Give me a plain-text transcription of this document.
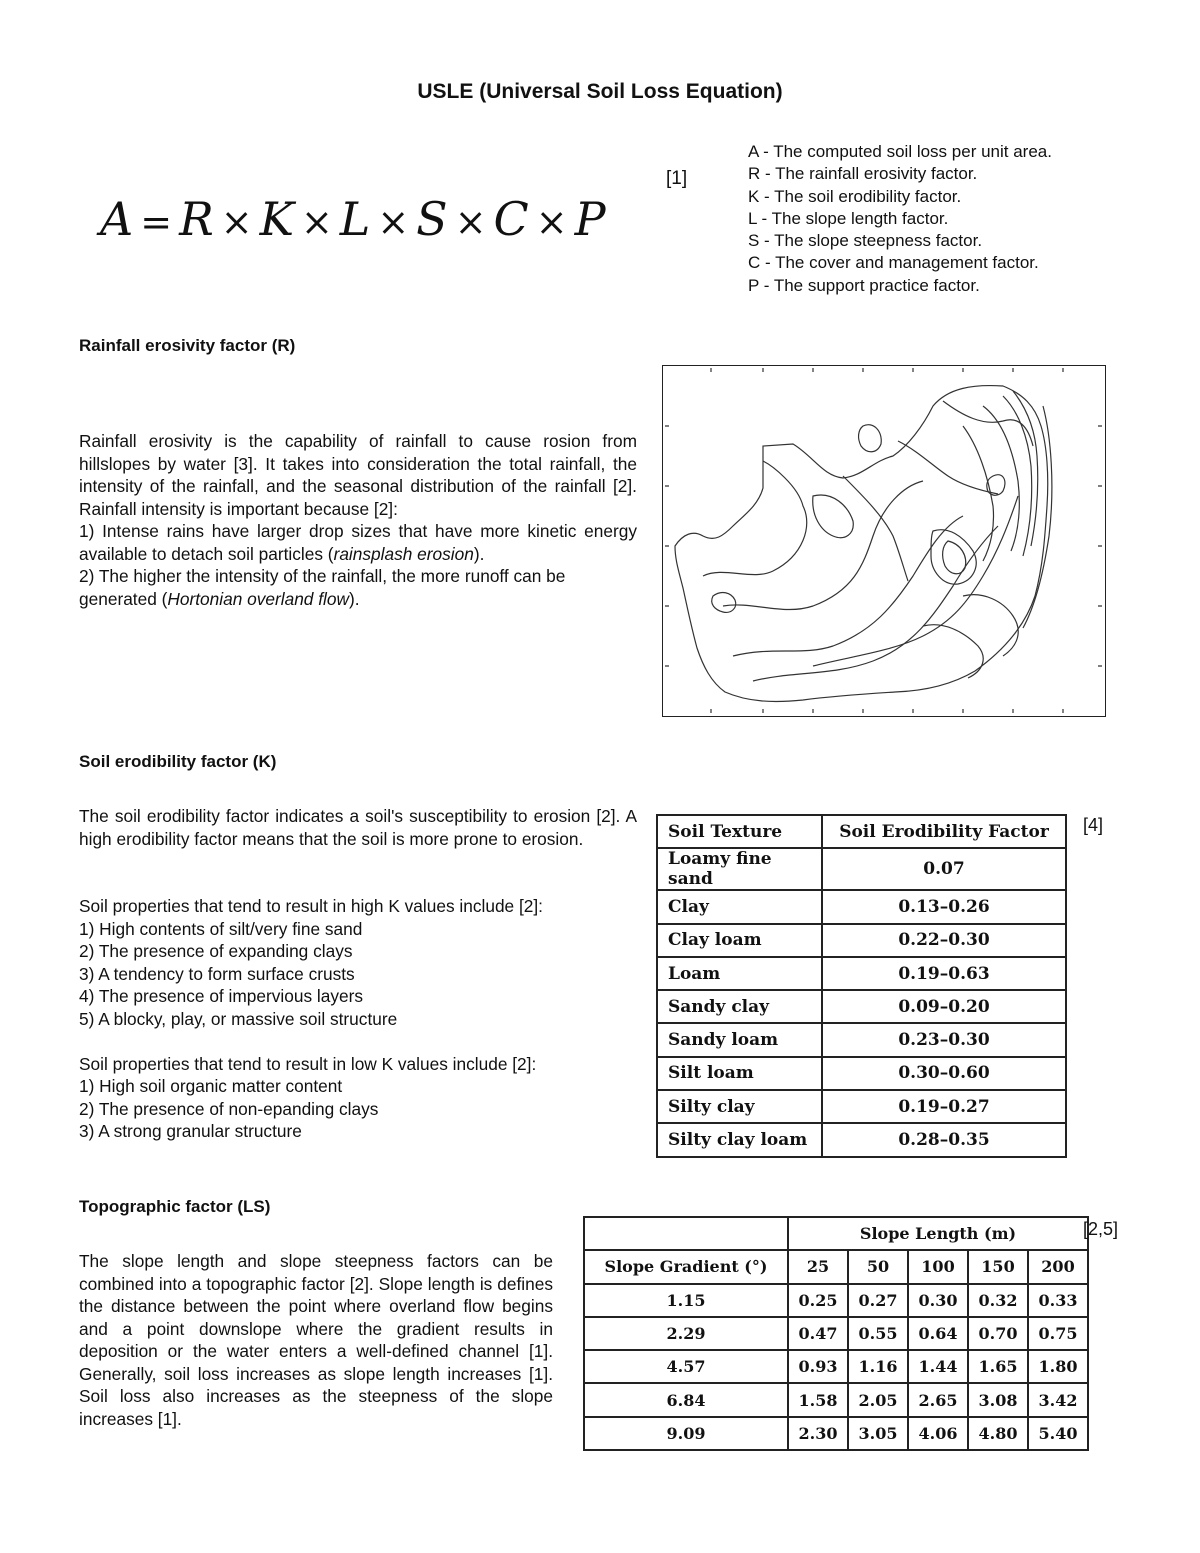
USLE (Universal Soil Loss Equation)
A = R × K × L × S × C × P
[1]
A - The computed soil loss per unit area.
R - The rainfall erosivity factor.
K - The soil erodibility factor.
L - The slope length factor.
S - The slope steepness factor.
C - The cover and management factor.
P - The support practice factor.
Rainfall erosivity factor (R)

Rainfall erosivity is the capability of rainfall to cause rosion from hillslopes by water [3]. It takes into consideration the total rainfall, the intensity of the rainfall, and the seasonal distribution of the rainfall [2]. Rainfall intensity is important because [2]:

1) Intense rains have larger drop sizes that have more kinetic energy available to detach soil particles (rainsplash erosion).

2) The higher the intensity of the rainfall, the more runoff can be generated (Hortonian overland flow).

Soil erodibility factor (K)
The soil erodibility factor indicates a soil's susceptibility to erosion [2]. A high erodibility factor means that the soil is more prone to erosion.
Soil properties that tend to result in high K values include [2]:
1) High contents of silt/very fine sand
2) The presence of expanding clays
3) A tendency to form surface crusts
4) The presence of impervious layers
5) A blocky, play, or massive soil structure
Soil properties that tend to result in low K values include [2]:
1) High soil organic matter content
2) The presence of non-epanding clays
3) A strong granular structure
Soil Texture	Soil Erodibility Factor
Loamy fine sand	0.07
Clay	0.13–0.26
Clay loam	0.22–0.30
Loam	0.19–0.63
Sandy clay	0.09–0.20
Sandy loam	0.23–0.30
Silt loam	0.30–0.60
Silty clay	0.19–0.27
Silty clay loam	0.28–0.35
[4]
Topographic factor (LS)
The slope length and slope steepness factors can be combined into a topographic factor [2]. Slope length is defines the distance between the point where overland flow begins and a point downslope where the gradient results in deposition or the water enters a well-defined channel [1]. Generally, soil loss increases as slope length increases [1]. Soil loss also increases as the steepness of the slope increases [1].
	Slope Length (m)				
Slope Gradient (°)	25	50	100	150	200
1.15	0.25	0.27	0.30	0.32	0.33
2.29	0.47	0.55	0.64	0.70	0.75
4.57	0.93	1.16	1.44	1.65	1.80
6.84	1.58	2.05	2.65	3.08	3.42
9.09	2.30	3.05	4.06	4.80	5.40
[2,5]
